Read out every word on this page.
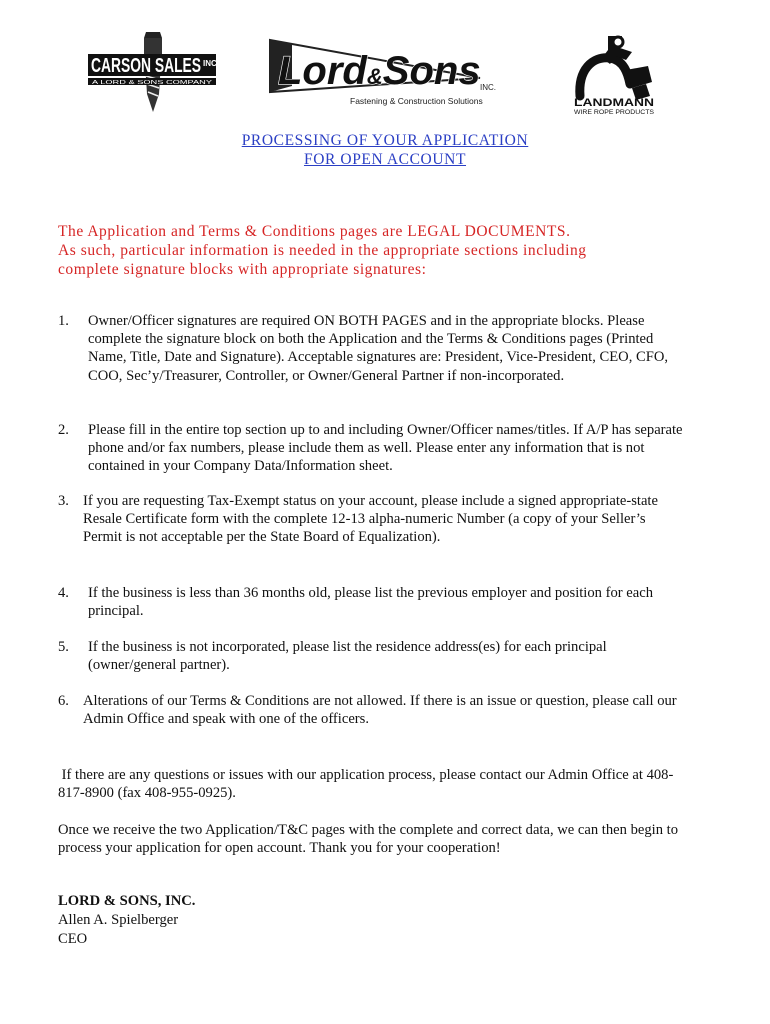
CARSON SALES INC
A LORD & SONS COMPANY Lord&Sons INC.
Fastening & Construction Solutions	LANDMANN
WIRE ROPE PRODUCTS
PROCESSING OF YOUR APPLICATION
FOR OPEN ACCOUNT
The Application and Terms & Conditions pages are LEGAL DOCUMENTS.
As such, particular information is needed in the appropriate sections including
complete signature blocks with appropriate signatures:
1. Owner/Officer signatures are required ON BOTH PAGES and in the appropriate blocks. Please complete the signature block on both the Application and the Terms & Conditions pages (Printed Name, Title, Date and Signature). Acceptable signatures are: President, Vice-President, CEO, CFO, COO, Sec’y/Treasurer, Controller, or Owner/General Partner if non-incorporated.
2. Please fill in the entire top section up to and including Owner/Officer names/titles. If A/P has separate phone and/or fax numbers, please include them as well. Please enter any information that is not contained in your Company Data/Information sheet.
3. If you are requesting Tax-Exempt status on your account, please include a signed appropriate-state Resale Certificate form with the complete 12-13 alpha-numeric Number (a copy of your Seller’s Permit is not acceptable per the State Board of Equalization).
4. If the business is less than 36 months old, please list the previous employer and position for each principal.
5. If the business is not incorporated, please list the residence address(es) for each principal (owner/general partner).
6. Alterations of our Terms & Conditions are not allowed. If there is an issue or question, please call our Admin Office and speak with one of the officers.
If there are any questions or issues with our application process, please contact our Admin Office at 408-817-8900 (fax 408-955-0925).
Once we receive the two Application/T&C pages with the complete and correct data, we can then begin to process your application for open account. Thank you for your cooperation!
LORD & SONS, INC.
Allen A. Spielberger
CEO
